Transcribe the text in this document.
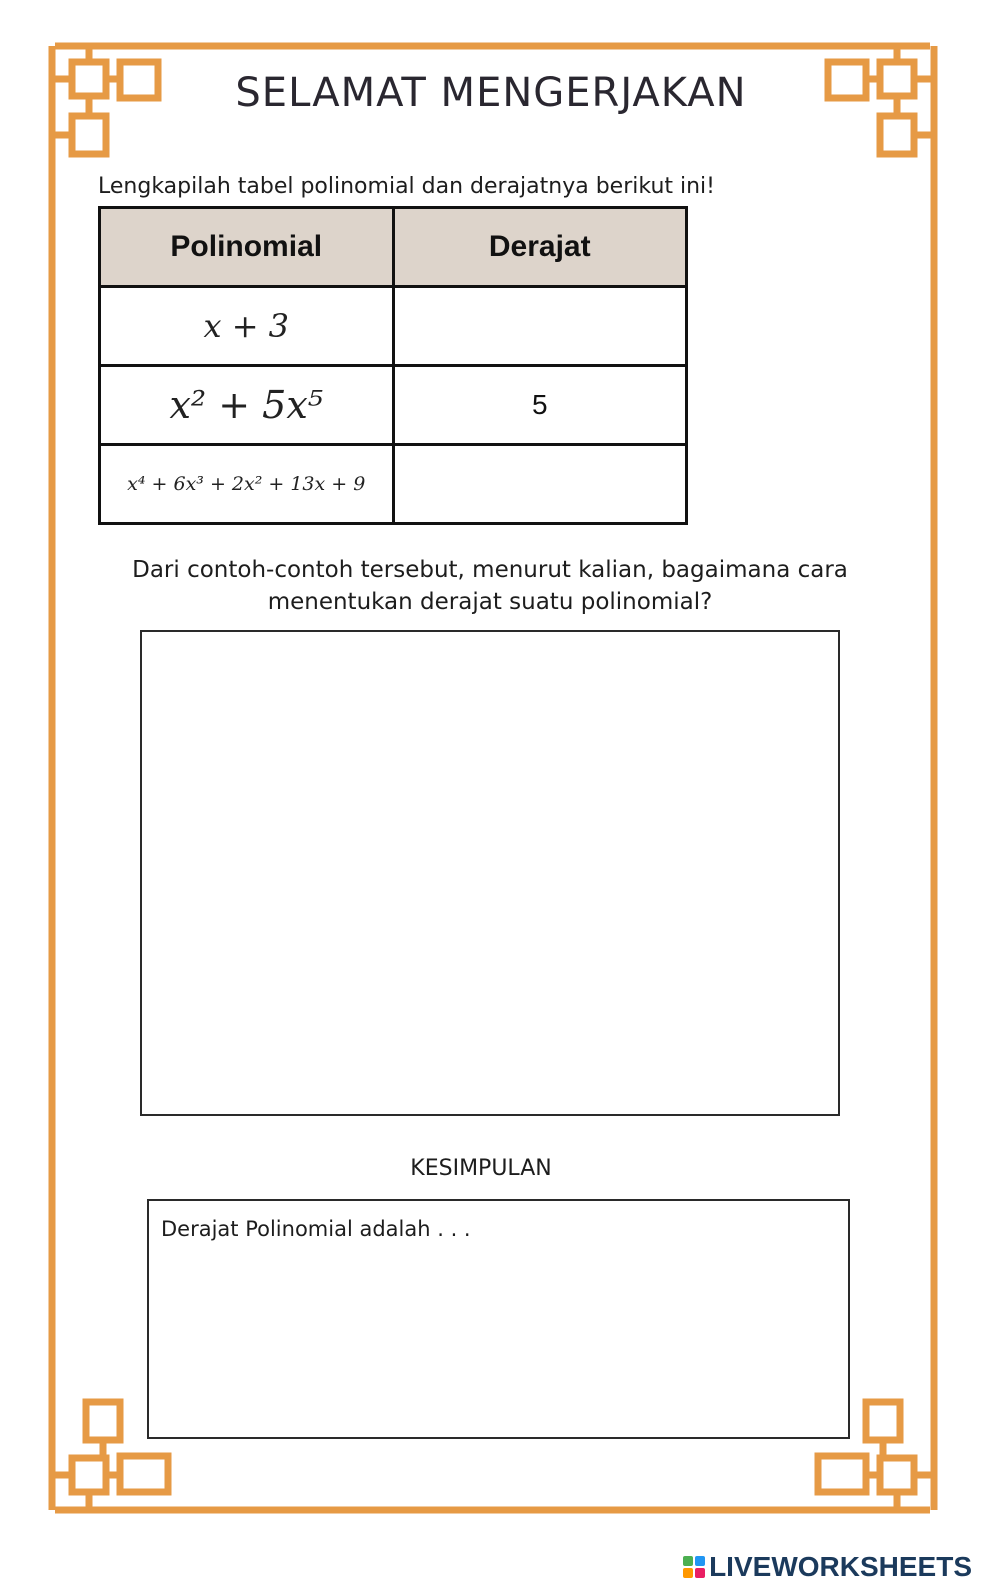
SELAMAT MENGERJAKAN
Lengkapilah tabel polinomial dan derajatnya berikut ini!
Polinomial	Derajat
x + 3	
x² + 5x⁵	5
x⁴ + 6x³ + 2x² + 13x + 9	
Dari contoh-contoh tersebut, menurut kalian, bagaimana cara menentukan derajat suatu polinomial?
KESIMPULAN
Derajat Polinomial adalah . . .
LIVEWORKSHEETS
